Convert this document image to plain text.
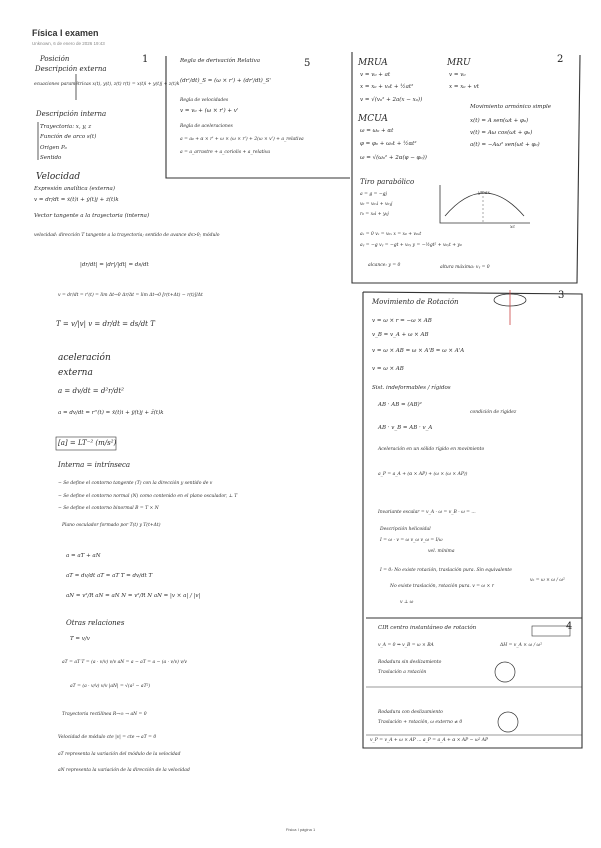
Física I examen
Unknown, 6 de enero de 2026 19:43
1	5	2
3
4
Posición
Descripción externa
ecuaciones paramétricas x(t), y(t), z(t) r(t) = x(t)i + y(t)j + z(t)k
Descripción interna
Trayectoria: x, y, z
Función de arco s(t)
Origen P₀
Sentido
Velocidad
Expresión analítica (externa)
v = dr/dt = ẋ(t)i + ẏ(t)j + ż(t)k
Vector tangente a la trayectoria (interna)
velocidad: dirección T tangente a la trayectoria; sentido de avance ds>0; módulo
|dr/dt| = |dr|/|dt| = ds/dt
v = dr/dt = r'(t) = lim Δt→0 Δr/Δt = lim Δt→0 [r(t+Δt) − r(t)]/Δt
T = v/|v| v = dr/dt = ds/dt T
aceleración
externa
a = dv/dt = d²r/dt²
a = dv/dt = r''(t) = ẍ(t)i + ÿ(t)j + z̈(t)k
[a] = LT⁻² (m/s²)
Interna = intrínseca
− Se define el contorno tangente (T) con la dirección y sentido de v
− Se define el contorno normal (N) como contenido en el plano osculador, ⊥ T
− Se define el contorno binormal B = T × N
Plano osculador formado por T(t) y T(t+Δt)
a = aT + aN
aT = dv/dt aT = aT T = dv/dt T
aN = v²/R aN = aN N = v²/R N aN = |v × a| / |v|
Otras relaciones
T = v/v
aT = aT T = (a · v/v) v/v aN = a − aT = a − (a · v/v) v/v
aT = (a · v/v) v/v |aN| = √(a² − aT²)
Trayectoria rectilínea R→∞ → aN = 0
Velocidad de módulo cte |v| = cte → aT = 0
aT representa la variación del módulo de la velocidad
aN representa la variación de la dirección de la velocidad
Regla de derivación Relativa
(dr'/dt)_S = (ω × r') + (dr'/dt)_S'
Regla de velocidades
v = v₀ + (ω × r') + v'
Regla de aceleraciones
a = a₀ + α × r' + ω × (ω × r') + 2(ω × v') + a_relativa
a = a_arrastre + a_coriolis + a_relativa
MRUA
v = v₀ + at
x = x₀ + v₀t + ½at²
v = √(v₀² + 2a(x − x₀))
MRU
v = v₀
x = x₀ + vt
MCUA
ω = ω₀ + αt
φ = φ₀ + ω₀t + ½αt²
ω = √(ω₀² + 2α(φ − φ₀))
Movimiento armónico simple
x(t) = A sen(ωt + φ₀)
v(t) = Aω cos(ωt + φ₀)
a(t) = −Aω² sen(ωt + φ₀)
Tiro parabólico
a = g = −gj
v₀ = v₀ₓi + v₀ᵧj
r₀ = x₀i + y₀j
aₓ = 0 vₓ = v₀ₓ x = x₀ + v₀ₓt
aᵧ = −g vᵧ = −gt + v₀ᵧ y = −½gt² + v₀ᵧt + y₀
alcance: y = 0	altura máxima: vᵧ = 0
ymax
xc
Movimiento de Rotación
v = ω × r = −ω × AB
v_B = v_A + ω × AB
v = ω × AB = ω × A'B = ω × A'A
v = ω × AB
Sist. indeformables / rígidos
AB · AB = (AB)²
condición de rigidez
AB · v_B = AB · v_A
Aceleración en un sólido rígido en movimiento
a_P = a_A + (α × AP) + (ω × (ω × AP))
Invariante escalar = v_A · ω = v_B · ω = ...
Descripción helicoidal
I = ω · v = ω v_ω v_ω = I/ω
vel. mínima
I = 0: No existe rotación, traslación pura. Sin equivalente
No existe traslación, rotación pura. v = ω × r
v ⊥ ω
vₙ = ω × ω / ω²
CIR centro instantáneo de rotación
ΔH = v_A × ω / ω²
v_A = 0 ⇒ v_B = ω × BA
Rodadura sin deslizamiento
Traslación a rotación
Rodadura con deslizamiento
Traslación + rotación, ω externo ≠ 0
v_P = v_A + ω × AP ... a_P = a_A + α × AP − ω² AP
Física I página 1
